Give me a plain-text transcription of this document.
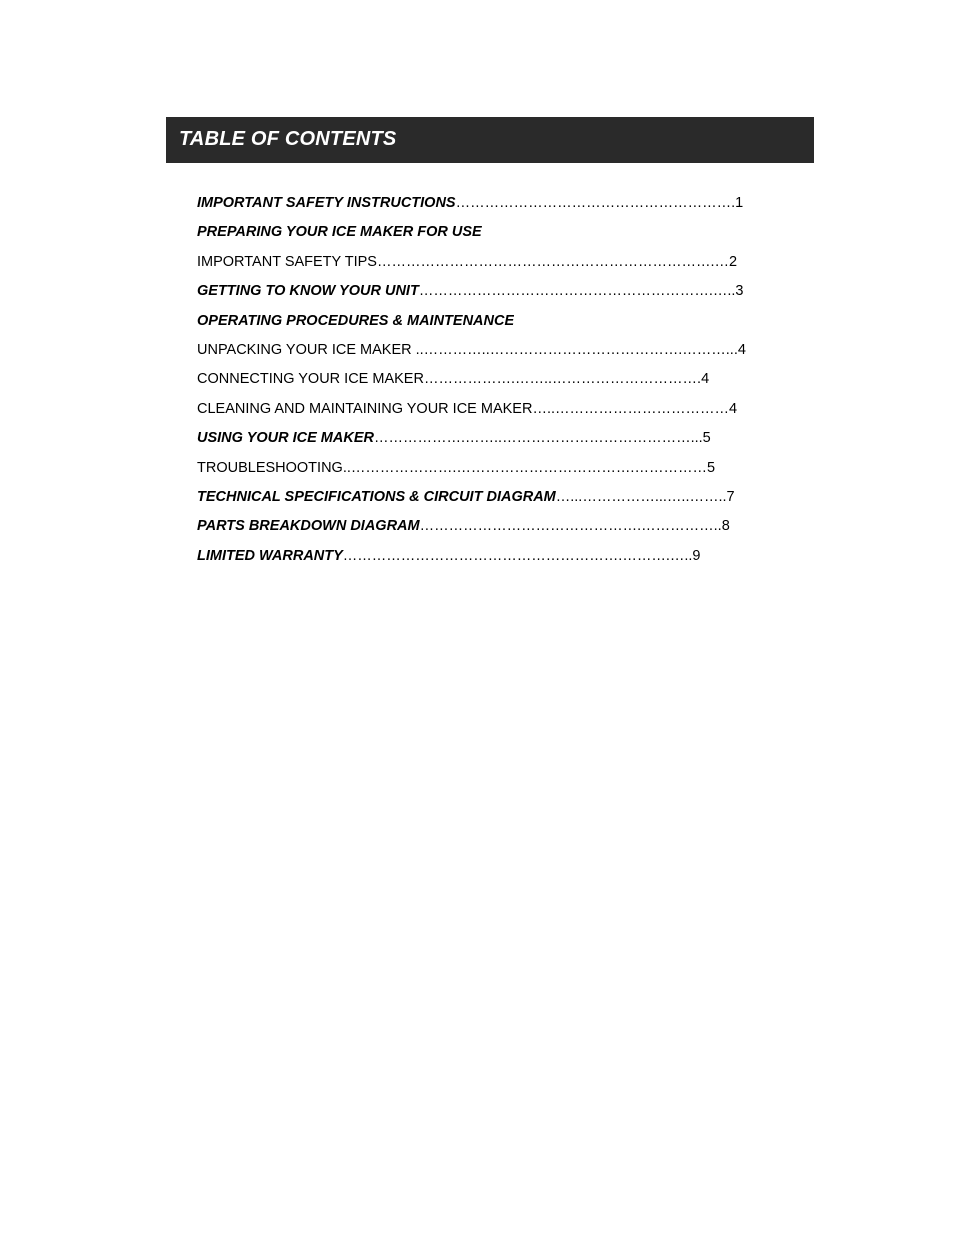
TABLE OF CONTENTS
IMPORTANT SAFETY INSTRUCTIONS………………………………………………….1
PREPARING YOUR ICE MAKER FOR USE
IMPORTANT SAFETY TIPS…………………………………………………………….…2
GETTING TO KNOW YOUR UNIT…………………………………………………….…..3
OPERATING PROCEDURES & MAINTENANCE
UNPACKING YOUR ICE MAKER ..…………..………………………………….………...4
CONNECTING YOUR ICE MAKER……………….……..………………………….4
CLEANING AND MAINTAINING YOUR ICE MAKER…..………………………………4
USING YOUR ICE MAKER……………….……..…………………………………...5
TROUBLESHOOTING..………………….……………………………….……………5
TECHNICAL SPECIFICATIONS & CIRCUIT DIAGRAM…...……………...…..……..7
PARTS BREAKDOWN DIAGRAM……………………………………….……………..8
LIMITED WARRANTY………………………………………………….……….…..9
